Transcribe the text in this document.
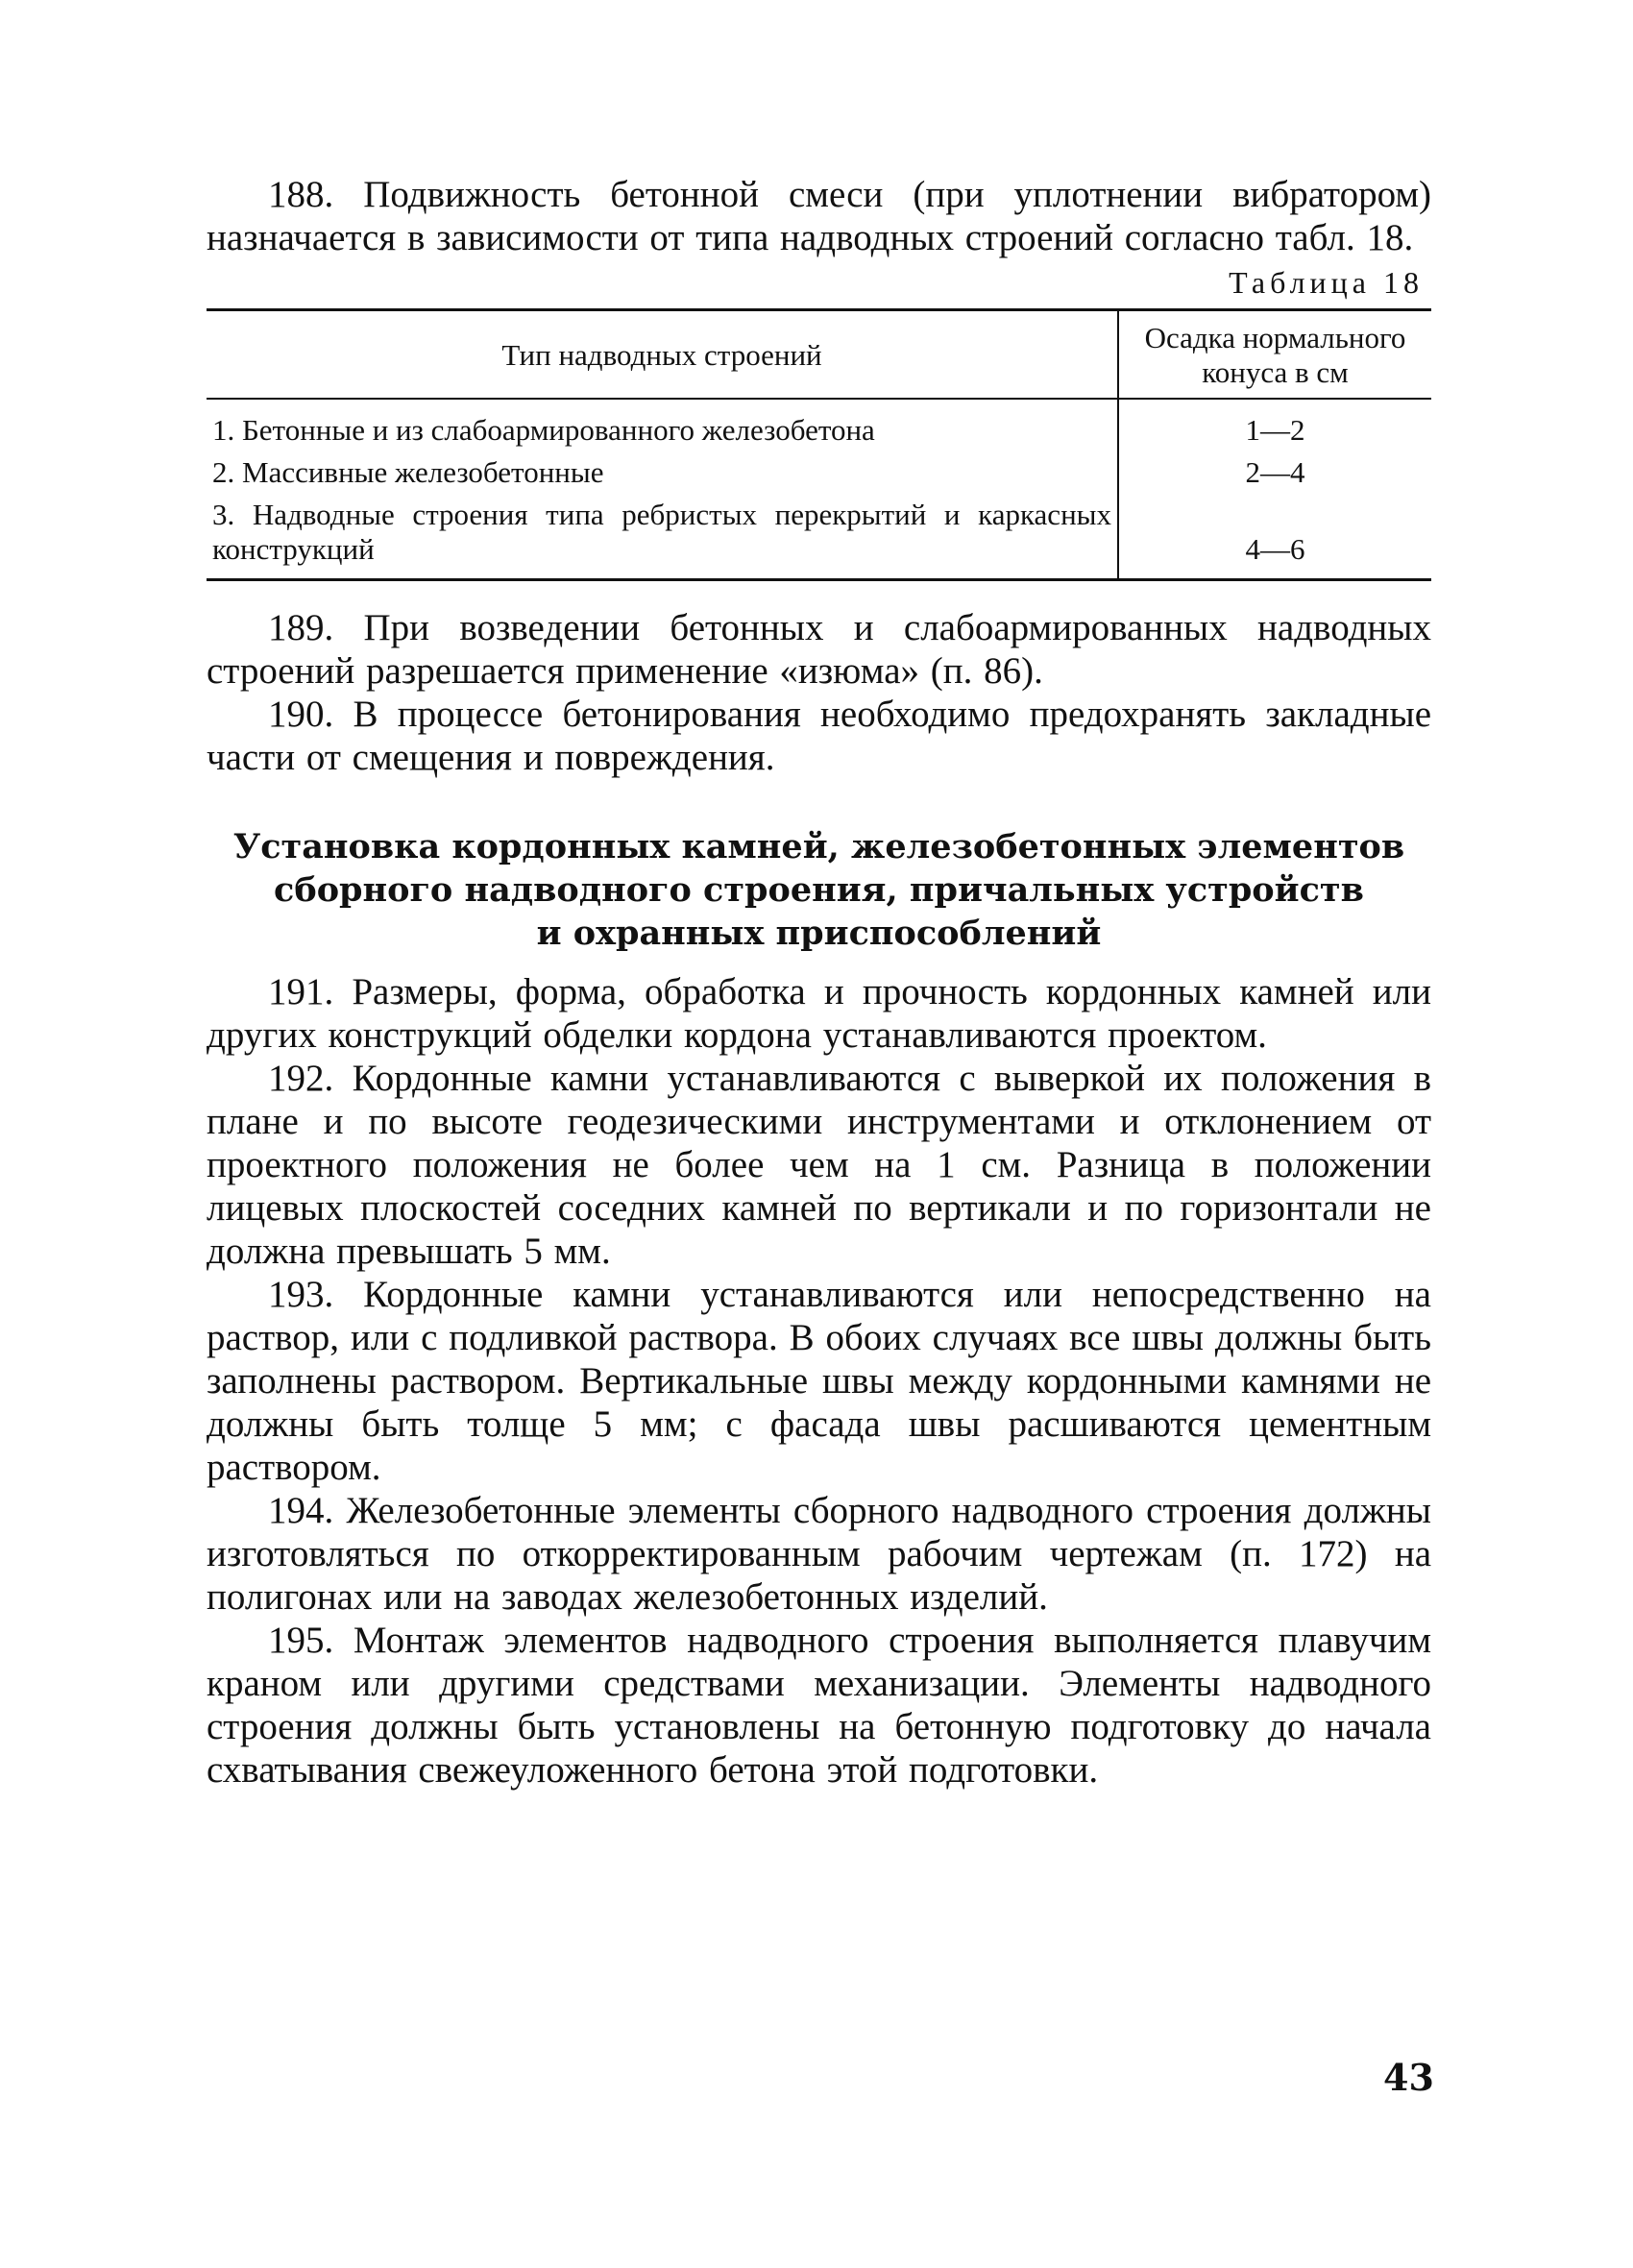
188. Подвижность бетонной смеси (при уплотнении вибратором) назначается в зависимости от типа надводных строений согласно табл. 18.

Таблица 18
Тип надводных строений	Осадка нормального конуса в см
1. Бетонные и из слабоармированного железобетона	1—2
2. Массивные железобетонные	2—4
3. Надводные строения типа ребристых перекрытий и каркасных конструкций	4—6

189. При возведении бетонных и слабоармированных надводных строений разрешается применение «изюма» (п. 86).

190. В процессе бетонирования необходимо предохранять закладные части от смещения и повреждения.

Установка кордонных камней, железобетонных элементов
сборного надводного строения, причальных устройств
и охранных приспособлений

191. Размеры, форма, обработка и прочность кордонных камней или других конструкций обделки кордона устанавливаются проектом.

192. Кордонные камни устанавливаются с выверкой их положения в плане и по высоте геодезическими инструментами и отклонением от проектного положения не более чем на 1 см. Разница в положении лицевых плоскостей соседних камней по вертикали и по горизонтали не должна превышать 5 мм.

193. Кордонные камни устанавливаются или непосредственно на раствор, или с подливкой раствора. В обоих случаях все швы должны быть заполнены раствором. Вертикальные швы между кордонными камнями не должны быть толще 5 мм; с фасада швы расшиваются цементным раствором.

194. Железобетонные элементы сборного надводного строения должны изготовляться по откорректированным рабочим чертежам (п. 172) на полигонах или на заводах железобетонных изделий.

195. Монтаж элементов надводного строения выполняется плавучим краном или другими средствами механизации. Элементы надводного строения должны быть установлены на бетонную подготовку до начала схватывания свежеуложенного бетона этой подготовки.

43
